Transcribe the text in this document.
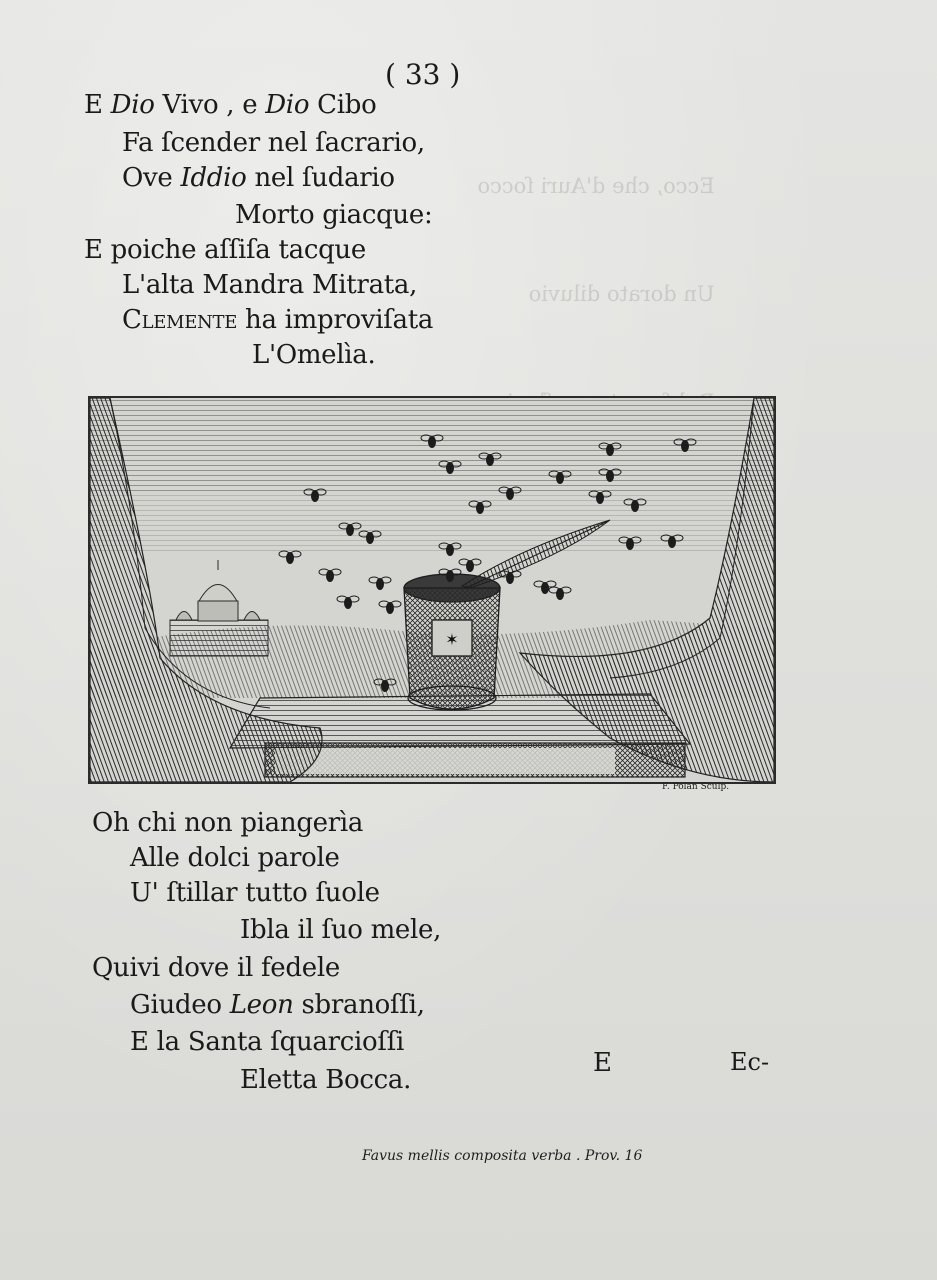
Ecco, che d'Auri ſocco

Un dorato diluvio

( 33 )
E Dio Vivo , e Dio Cibo
Fa ſcender nel ſacrario,
Ove Iddio nel ſudario
Morto giacque:
E poiche aſſiſa tacque
L'alta Mandra Mitrata,
Clemente ha improviſata
L'Omelìa.
✶
Favus mellis composita verba . Prov. 16
F. Polan Sculp.
Oh chi non piangerìa
Alle dolci parole
U' ſtillar tutto ſuole
Ibla il ſuo mele,
Quivi dove il fedele
Giudeo Leon sbranoſſi,
E la Santa ſquarcioſſi
Eletta Bocca.
E	Ec-
